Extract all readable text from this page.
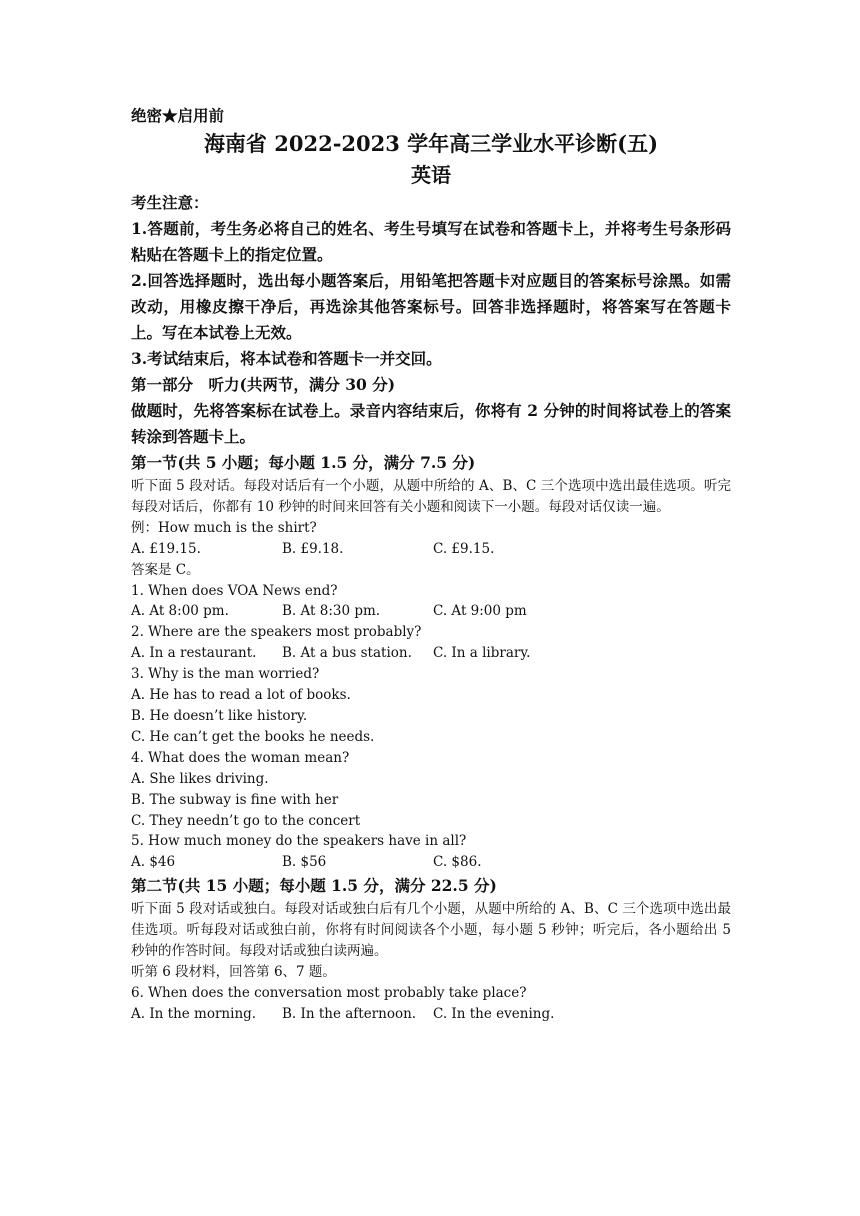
绝密★启用前
海南省 2022-2023 学年高三学业水平诊断(五)
英语

考生注意：

1.答题前，考生务必将自己的姓名、考生号填写在试卷和答题卡上，并将考生号条形码粘贴在答题卡上的指定位置。

2.回答选择题时，选出每小题答案后，用铅笔把答题卡对应题目的答案标号涂黑。如需改动，用橡皮擦干净后，再选涂其他答案标号。回答非选择题时，将答案写在答题卡上。写在本试卷上无效。

3.考试结束后，将本试卷和答题卡一并交回。

第一部分　听力(共两节，满分 30 分)

做题时，先将答案标在试卷上。录音内容结束后，你将有 2 分钟的时间将试卷上的答案转涂到答题卡上。

第一节(共 5 小题；每小题 1.5 分，满分 7.5 分)

听下面 5 段对话。每段对话后有一个小题，从题中所给的 A、B、C 三个选项中选出最佳选项。听完每段对话后，你都有 10 秒钟的时间来回答有关小题和阅读下一小题。每段对话仅读一遍。

例：How much is the shirt?

A. £19.15.	B. £9.18.	C. £9.15.

答案是 C。

1. When does VOA News end?

A. At 8:00 pm.	B. At 8:30 pm.	C. At 9:00 pm

2. Where are the speakers most probably?

A. In a restaurant.	B. At a bus station.	C. In a library.

3. Why is the man worried?

A. He has to read a lot of books.

B. He doesn’t like history.

C. He can’t get the books he needs.

4. What does the woman mean?

A. She likes driving.

B. The subway is fine with her

C. They needn’t go to the concert

5. How much money do the speakers have in all?

A. $46	B. $56	C. $86.

第二节(共 15 小题；每小题 1.5 分，满分 22.5 分)

听下面 5 段对话或独白。每段对话或独白后有几个小题，从题中所给的 A、B、C 三个选项中选出最佳选项。听每段对话或独白前，你将有时间阅读各个小题，每小题 5 秒钟；听完后，各小题给出 5 秒钟的作答时间。每段对话或独白读两遍。

听第 6 段材料，回答第 6、7 题。

6. When does the conversation most probably take place?

A. In the morning.	B. In the afternoon.	C. In the evening.
